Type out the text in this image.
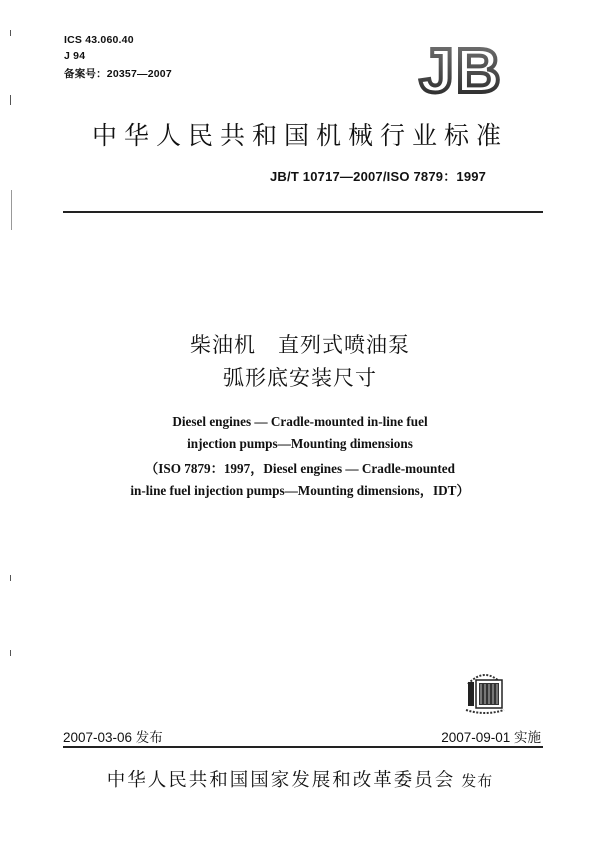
ICS 43.060.40
J 94
备案号：20357—2007	JB
中华人民共和国机械行业标准
JB/T 10717—2007/ISO 7879：1997
柴油机　直列式喷油泵
弧形底安装尺寸
Diesel engines — Cradle-mounted in-line fuel
injection pumps—Mounting dimensions
（ISO 7879：1997，Diesel engines — Cradle-mounted
in-line fuel injection pumps—Mounting dimensions，IDT）
2007-03-06 发布	2007-09-01 实施
中华人民共和国国家发展和改革委员会 发布
